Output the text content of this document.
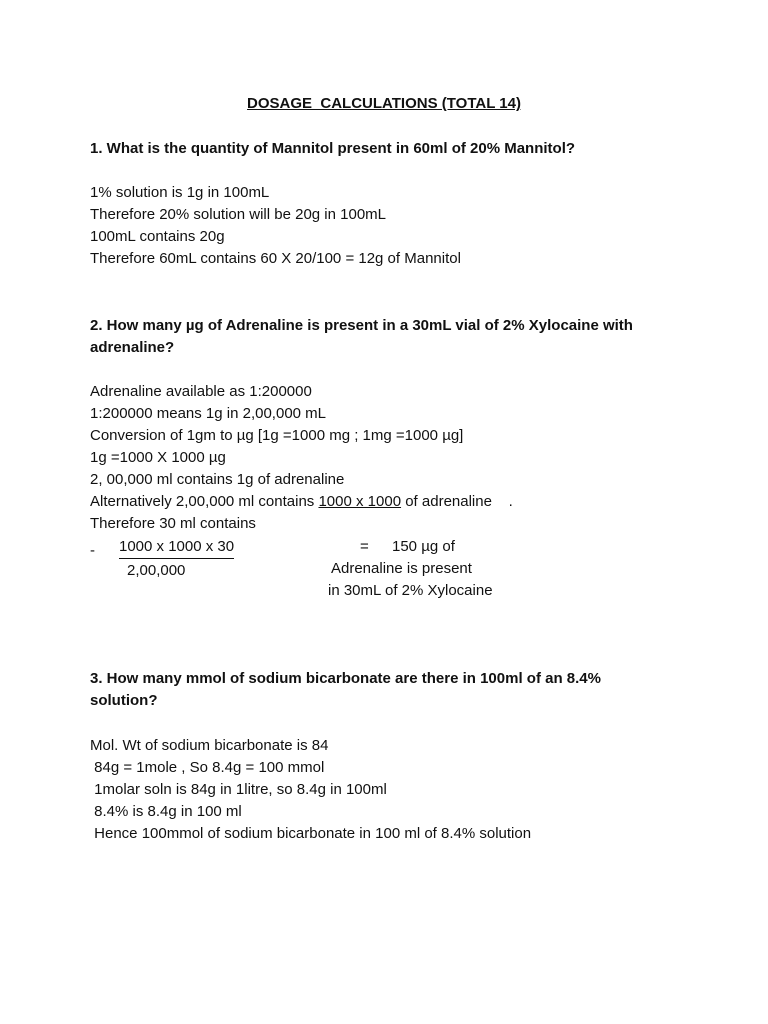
DOSAGE  CALCULATIONS (TOTAL 14)
1. What is the quantity of Mannitol present in 60ml of 20% Mannitol?
1% solution is 1g in 100mL
Therefore 20% solution will be 20g in 100mL
100mL contains 20g
Therefore 60mL contains 60 X 20/100 = 12g of Mannitol
2. How many µg of Adrenaline is present in a 30mL vial of 2% Xylocaine with
adrenaline?
Adrenaline available as 1:200000
1:200000 means 1g in 2,00,000 mL
Conversion of 1gm to µg [1g =1000 mg ; 1mg =1000 µg]
1g =1000 X 1000 µg
2, 00,000 ml contains 1g of adrenaline
Alternatively 2,00,000 ml contains 1000 x 1000 of adrenaline    .
Therefore 30 ml contains
- 1000 x 1000 x 30
2,00,000
= 150 µg of
Adrenaline is present
in 30mL of 2% Xylocaine
3. How many mmol of sodium bicarbonate are there in 100ml of an 8.4%
solution?
Mol. Wt of sodium bicarbonate is 84
84g = 1mole , So 8.4g = 100 mmol
1molar soln is 84g in 1litre, so 8.4g in 100ml
8.4% is 8.4g in 100 ml
Hence 100mmol of sodium bicarbonate in 100 ml of 8.4% solution
